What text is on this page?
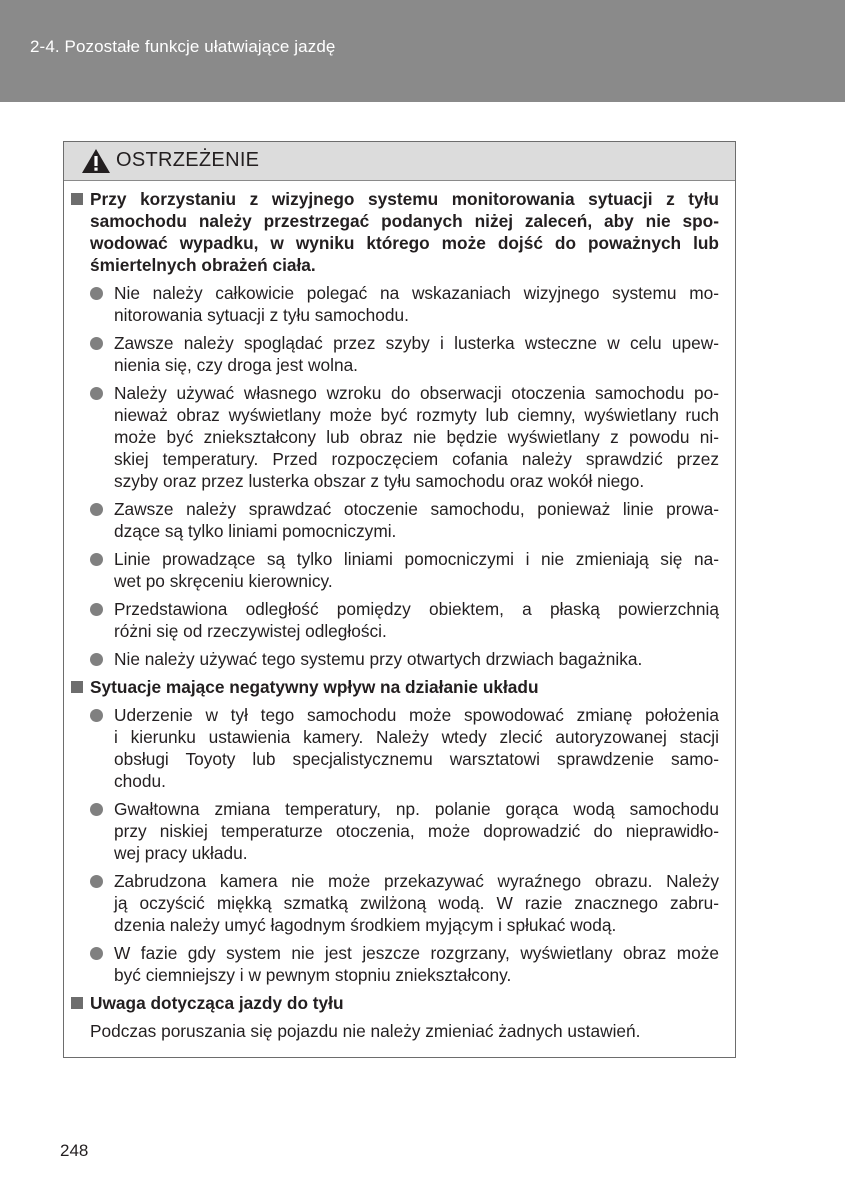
2-4. Pozostałe funkcje ułatwiające jazdę
OSTRZEŻENIE
Przy korzystaniu z wizyjnego systemu monitorowania sytuacji z tyłu
samochodu należy przestrzegać podanych niżej zaleceń, aby nie spo-
wodować wypadku, w wyniku którego może dojść do poważnych lub
śmiertelnych obrażeń ciała.
Nie należy całkowicie polegać na wskazaniach wizyjnego systemu mo-
nitorowania sytuacji z tyłu samochodu.
Zawsze należy spoglądać przez szyby i lusterka wsteczne w celu upew-
nienia się, czy droga jest wolna.
Należy używać własnego wzroku do obserwacji otoczenia samochodu po-
nieważ obraz wyświetlany może być rozmyty lub ciemny, wyświetlany ruch
może być zniekształcony lub obraz nie będzie wyświetlany z powodu ni-
skiej temperatury. Przed rozpoczęciem cofania należy sprawdzić przez
szyby oraz przez lusterka obszar z tyłu samochodu oraz wokół niego.
Zawsze należy sprawdzać otoczenie samochodu, ponieważ linie prowa-
dzące są tylko liniami pomocniczymi.
Linie prowadzące są tylko liniami pomocniczymi i nie zmieniają się na-
wet po skręceniu kierownicy.
Przedstawiona odległość pomiędzy obiektem, a płaską powierzchnią
różni się od rzeczywistej odległości.
Nie należy używać tego systemu przy otwartych drzwiach bagażnika.
Sytuacje mające negatywny wpływ na działanie układu
Uderzenie w tył tego samochodu może spowodować zmianę położenia
i kierunku ustawienia kamery. Należy wtedy zlecić autoryzowanej stacji
obsługi Toyoty lub specjalistycznemu warsztatowi sprawdzenie samo-
chodu.
Gwałtowna zmiana temperatury, np. polanie gorąca wodą samochodu
przy niskiej temperaturze otoczenia, może doprowadzić do nieprawidło-
wej pracy układu.
Zabrudzona kamera nie może przekazywać wyraźnego obrazu. Należy
ją oczyścić miękką szmatką zwilżoną wodą. W razie znacznego zabru-
dzenia należy umyć łagodnym środkiem myjącym i spłukać wodą.
W fazie gdy system nie jest jeszcze rozgrzany, wyświetlany obraz może
być ciemniejszy i w pewnym stopniu zniekształcony.
Uwaga dotycząca jazdy do tyłu
Podczas poruszania się pojazdu nie należy zmieniać żadnych ustawień.
248
